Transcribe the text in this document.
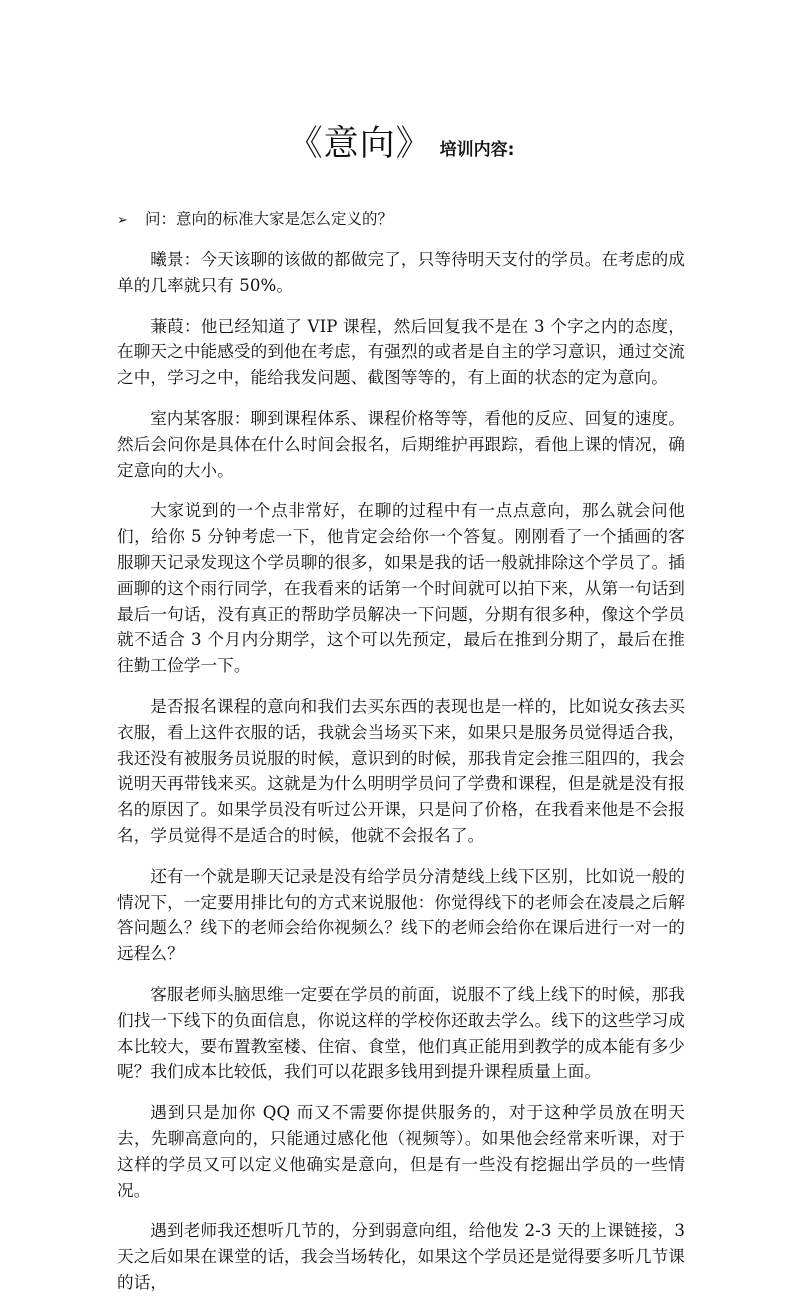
《意向》 培训内容:
➢	问：意向的标准大家是怎么定义的？

曦景：今天该聊的该做的都做完了，只等待明天支付的学员。在考虑的成单的几率就只有 50%。

蒹葭：他已经知道了 VIP 课程，然后回复我不是在 3 个字之内的态度，在聊天之中能感受的到他在考虑，有强烈的或者是自主的学习意识，通过交流之中，学习之中，能给我发问题、截图等等的，有上面的状态的定为意向。

室内某客服：聊到课程体系、课程价格等等，看他的反应、回复的速度。然后会问你是具体在什么时间会报名，后期维护再跟踪，看他上课的情况，确定意向的大小。

大家说到的一个点非常好，在聊的过程中有一点点意向，那么就会问他们，给你 5 分钟考虑一下，他肯定会给你一个答复。刚刚看了一个插画的客服聊天记录发现这个学员聊的很多，如果是我的话一般就排除这个学员了。插画聊的这个雨行同学，在我看来的话第一个时间就可以拍下来，从第一句话到最后一句话，没有真正的帮助学员解决一下问题，分期有很多种，像这个学员就不适合 3 个月内分期学，这个可以先预定，最后在推到分期了，最后在推往勤工俭学一下。

是否报名课程的意向和我们去买东西的表现也是一样的，比如说女孩去买衣服，看上这件衣服的话，我就会当场买下来，如果只是服务员觉得适合我，我还没有被服务员说服的时候，意识到的时候，那我肯定会推三阻四的，我会说明天再带钱来买。这就是为什么明明学员问了学费和课程，但是就是没有报名的原因了。如果学员没有听过公开课，只是问了价格，在我看来他是不会报名，学员觉得不是适合的时候，他就不会报名了。

还有一个就是聊天记录是没有给学员分清楚线上线下区别，比如说一般的情况下，一定要用排比句的方式来说服他：你觉得线下的老师会在凌晨之后解答问题么？线下的老师会给你视频么？线下的老师会给你在课后进行一对一的远程么？

客服老师头脑思维一定要在学员的前面，说服不了线上线下的时候，那我们找一下线下的负面信息，你说这样的学校你还敢去学么。线下的这些学习成本比较大，要布置教室楼、住宿、食堂，他们真正能用到教学的成本能有多少呢？我们成本比较低，我们可以花跟多钱用到提升课程质量上面。

遇到只是加你 QQ 而又不需要你提供服务的，对于这种学员放在明天去，先聊高意向的，只能通过感化他（视频等）。如果他会经常来听课，对于这样的学员又可以定义他确实是意向，但是有一些没有挖掘出学员的一些情况。

遇到老师我还想听几节的，分到弱意向组，给他发 2-3 天的上课链接，3 天之后如果在课堂的话，我会当场转化，如果这个学员还是觉得要多听几节课的话，
